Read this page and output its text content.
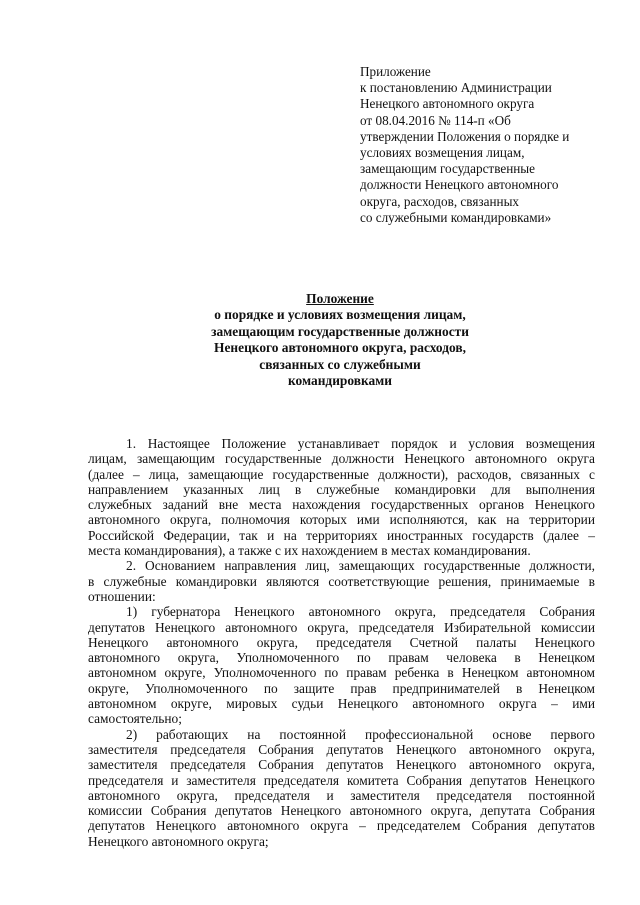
Приложение
к постановлению Администрации
Ненецкого автономного округа
от 08.04.2016 № 114-п «Об
утверждении Положения о порядке и
условиях возмещения лицам,
замещающим государственные
должности Ненецкого автономного
округа, расходов, связанных
со служебными командировками»
Положение
о порядке и условиях возмещения лицам,
замещающим государственные должности
Ненецкого автономного округа, расходов,
связанных со служебными
командировками
1. Настоящее Положение устанавливает порядок и условия возмещения
лицам, замещающим государственные должности Ненецкого автономного округа
(далее – лица, замещающие государственные должности), расходов, связанных с
направлением указанных лиц в служебные командировки для выполнения
служебных заданий вне места нахождения государственных органов Ненецкого
автономного округа, полномочия которых ими исполняются, как на территории
Российской Федерации, так и на территориях иностранных государств (далее –
места командирования), а также с их нахождением в местах командирования.
2. Основанием направления лиц, замещающих государственные должности,
в служебные командировки являются соответствующие решения, принимаемые в
отношении:
1) губернатора Ненецкого автономного округа, председателя Собрания
депутатов Ненецкого автономного округа, председателя Избирательной комиссии
Ненецкого автономного округа, председателя Счетной палаты Ненецкого
автономного округа, Уполномоченного по правам человека в Ненецком
автономном округе, Уполномоченного по правам ребенка в Ненецком автономном
округе, Уполномоченного по защите прав предпринимателей в Ненецком
автономном округе, мировых судьи Ненецкого автономного округа – ими
самостоятельно;
2) работающих на постоянной профессиональной основе первого
заместителя председателя Собрания депутатов Ненецкого автономного округа,
заместителя председателя Собрания депутатов Ненецкого автономного округа,
председателя и заместителя председателя комитета Собрания депутатов Ненецкого
автономного округа, председателя и заместителя председателя постоянной
комиссии Собрания депутатов Ненецкого автономного округа, депутата Собрания
депутатов Ненецкого автономного округа – председателем Собрания депутатов
Ненецкого автономного округа;
